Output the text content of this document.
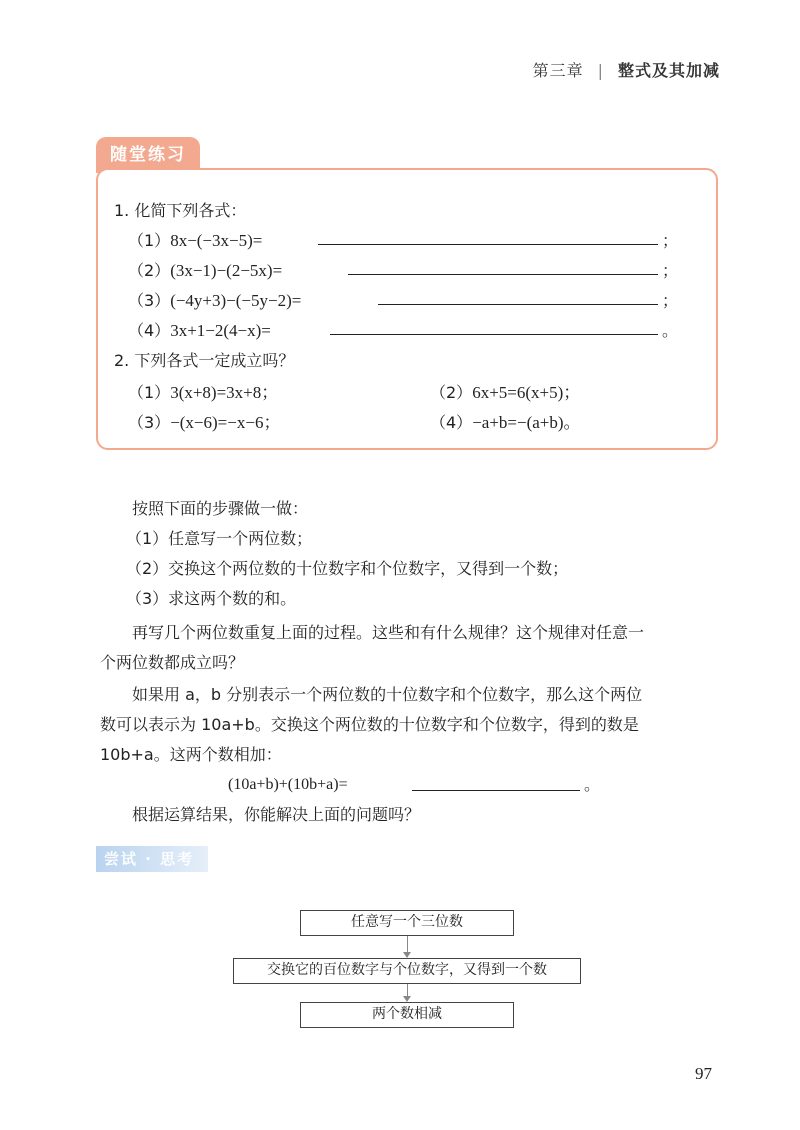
第三章 | 整式及其加减
随堂练习
1. 化简下列各式：
（1）8x−(−3x−5)=	；
（2）(3x−1)−(2−5x)=	；
（3）(−4y+3)−(−5y−2)=	；
（4）3x+1−2(4−x)=	。
2. 下列各式一定成立吗？
（1）3(x+8)=3x+8；	（2）6x+5=6(x+5)；
（3）−(x−6)=−x−6；	（4）−a+b=−(a+b)。
按照下面的步骤做一做：
（1）任意写一个两位数；
（2）交换这个两位数的十位数字和个位数字，又得到一个数；
（3）求这两个数的和。
再写几个两位数重复上面的过程。这些和有什么规律？这个规律对任意一
个两位数都成立吗？
如果用 a，b 分别表示一个两位数的十位数字和个位数字，那么这个两位
数可以表示为 10a+b。交换这个两位数的十位数字和个位数字，得到的数是
10b+a。这两个数相加：
(10a+b)+(10b+a)=	。
根据运算结果，你能解决上面的问题吗？
尝试 · 思考
任意写一个三位数
交换它的百位数字与个位数字，又得到一个数
两个数相减
97
